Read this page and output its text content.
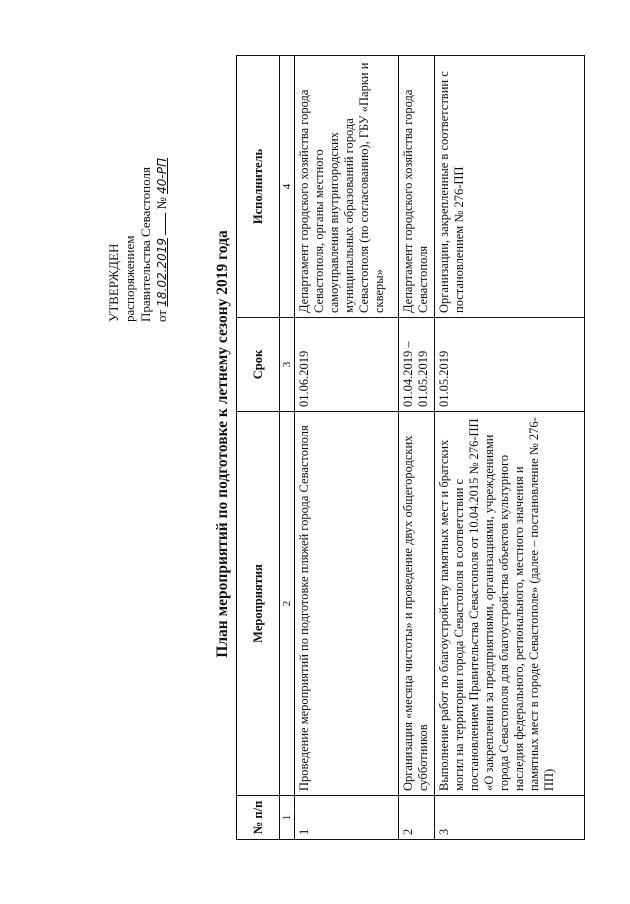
УТВЕРЖДЕН распоряжением Правительства Севастополя от 18.02.2019  № 40-РП
План мероприятий по подготовке к летнему сезону 2019 года
№ п/п	Мероприятия	Срок	Исполнитель
1	2	3	4
1	Проведение мероприятий по подготовке пляжей города Севастополя	01.06.2019	Департамент городского хозяйства города Севастополя, органы местного самоуправления внутригородских муниципальных образований города Севастополя (по согласованию), ГБУ «Парки и скверы»
2	Организация «месяца чистоты» и проведение двух общегородских субботников	01.04.2019 – 01.05.2019	Департамент городского хозяйства города Севастополя
3	Выполнение работ по благоустройству памятных мест и братских могил на территории города Севастополя в соответствии с постановлением Правительства Севастополя от 10.04.2015 № 276-ПП «О закреплении за предприятиями, организациями, учреждениями города Севастополя для благоустройства объектов культурного наследия федерального, регионального, местного значения и памятных мест в городе Севастополе» (далее – постановление № 276-ПП)	01.05.2019	Организации, закрепленные в соответствии с постановлением № 276-ПП
